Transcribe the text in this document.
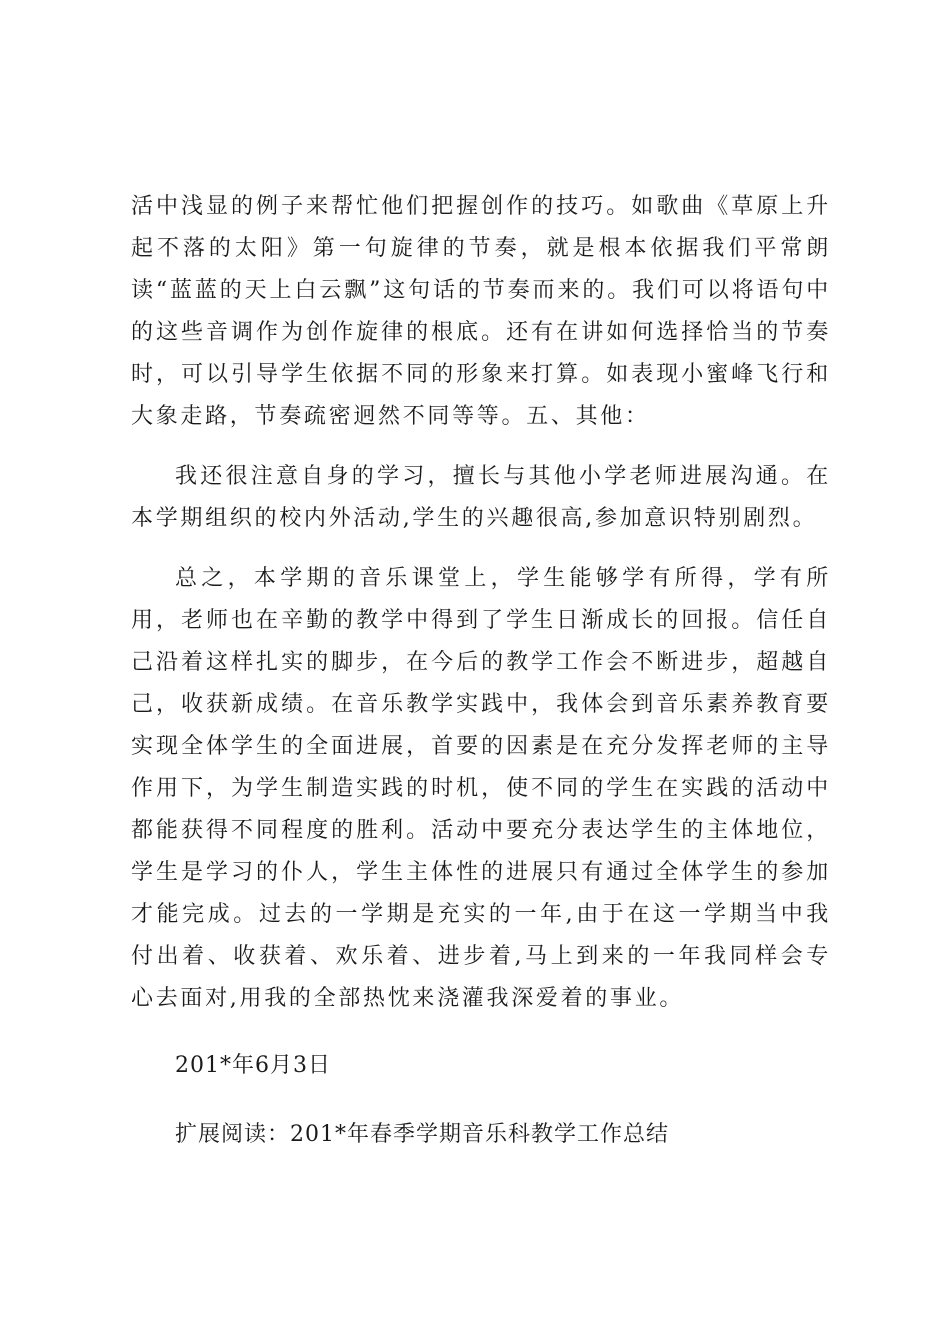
活中浅显的例子来帮忙他们把握创作的技巧。如歌曲《草原上升起不落的太阳》第一句旋律的节奏，就是根本依据我们平常朗读“蓝蓝的天上白云飘”这句话的节奏而来的。我们可以将语句中的这些音调作为创作旋律的根底。还有在讲如何选择恰当的节奏时，可以引导学生依据不同的形象来打算。如表现小蜜峰飞行和大象走路，节奏疏密迥然不同等等。五、其他：

我还很注意自身的学习，擅长与其他小学老师进展沟通。在本学期组织的校内外活动,学生的兴趣很高,参加意识特别剧烈。

总之，本学期的音乐课堂上，学生能够学有所得，学有所用，老师也在辛勤的教学中得到了学生日渐成长的回报。信任自己沿着这样扎实的脚步，在今后的教学工作会不断进步，超越自己，收获新成绩。在音乐教学实践中，我体会到音乐素养教育要实现全体学生的全面进展，首要的因素是在充分发挥老师的主导作用下，为学生制造实践的时机，使不同的学生在实践的活动中都能获得不同程度的胜利。活动中要充分表达学生的主体地位，学生是学习的仆人，学生主体性的进展只有通过全体学生的参加才能完成。过去的一学期是充实的一年,由于在这一学期当中我付出着、收获着、欢乐着、进步着,马上到来的一年我同样会专心去面对,用我的全部热忱来浇灌我深爱着的事业。

201*年6月3日

扩展阅读：201*年春季学期音乐科教学工作总结
